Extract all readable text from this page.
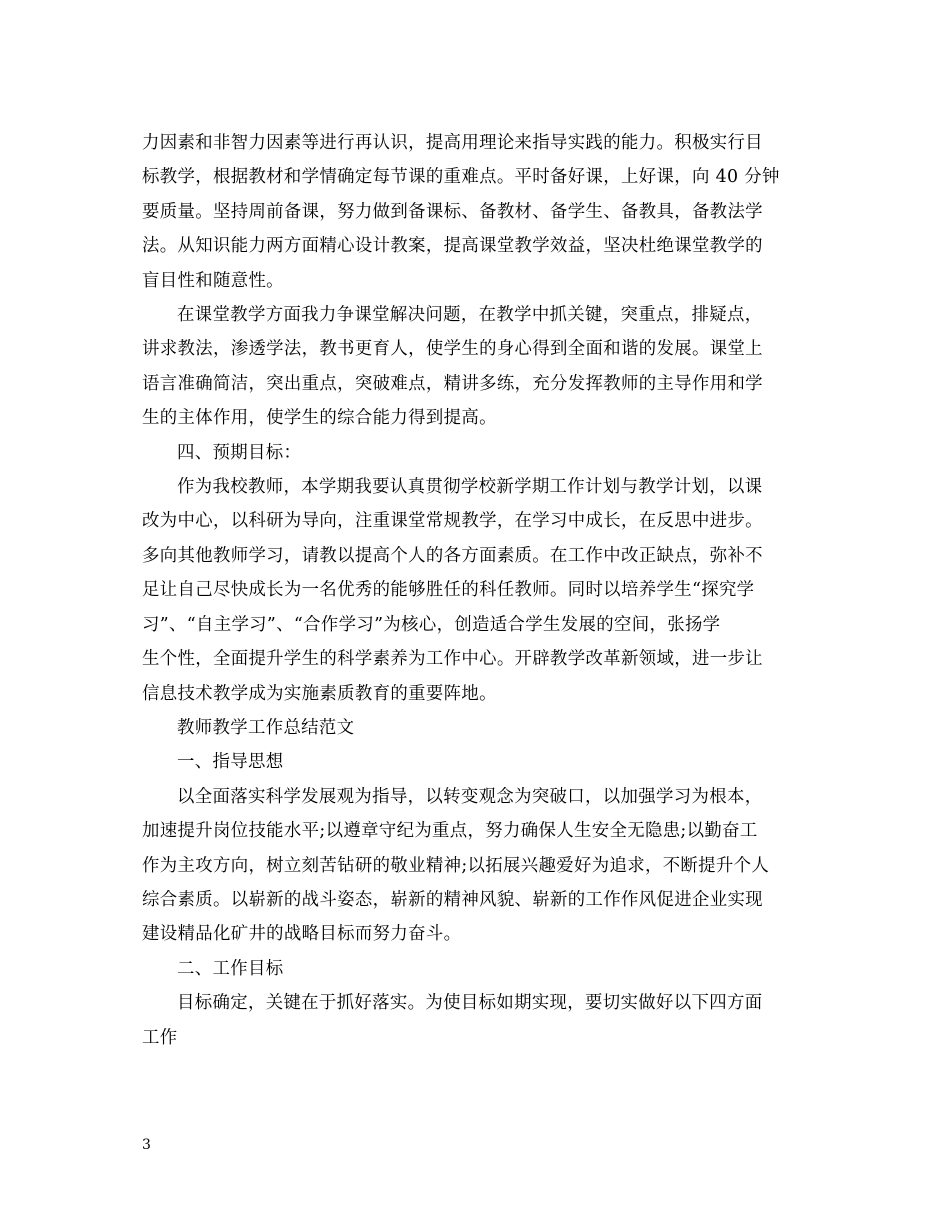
力因素和非智力因素等进行再认识，提高用理论来指导实践的能力。积极实行目
标教学，根据教材和学情确定每节课的重难点。平时备好课，上好课，向 40 分钟
要质量。坚持周前备课，努力做到备课标、备教材、备学生、备教具，备教法学
法。从知识能力两方面精心设计教案，提高课堂教学效益，坚决杜绝课堂教学的
盲目性和随意性。

在课堂教学方面我力争课堂解决问题，在教学中抓关键，突重点，排疑点，
讲求教法，渗透学法，教书更育人，使学生的身心得到全面和谐的发展。课堂上
语言准确简洁，突出重点，突破难点，精讲多练，充分发挥教师的主导作用和学
生的主体作用，使学生的综合能力得到提高。

四、预期目标：

作为我校教师，本学期我要认真贯彻学校新学期工作计划与教学计划，以课
改为中心，以科研为导向，注重课堂常规教学，在学习中成长，在反思中进步。
多向其他教师学习，请教以提高个人的各方面素质。在工作中改正缺点，弥补不
足让自己尽快成长为一名优秀的能够胜任的科任教师。同时以培养学生“探究学
习”、“自主学习”、“合作学习”为核心，创造适合学生发展的空间，张扬学
生个性，全面提升学生的科学素养为工作中心。开辟教学改革新领域，进一步让
信息技术教学成为实施素质教育的重要阵地。

教师教学工作总结范文

一、指导思想

以全面落实科学发展观为指导，以转变观念为突破口，以加强学习为根本，
加速提升岗位技能水平;以遵章守纪为重点，努力确保人生安全无隐患;以勤奋工
作为主攻方向，树立刻苦钻研的敬业精神;以拓展兴趣爱好为追求，不断提升个人
综合素质。以崭新的战斗姿态，崭新的精神风貌、崭新的工作作风促进企业实现
建设精品化矿井的战略目标而努力奋斗。

二、工作目标

目标确定，关键在于抓好落实。为使目标如期实现，要切实做好以下四方面
工作

3
